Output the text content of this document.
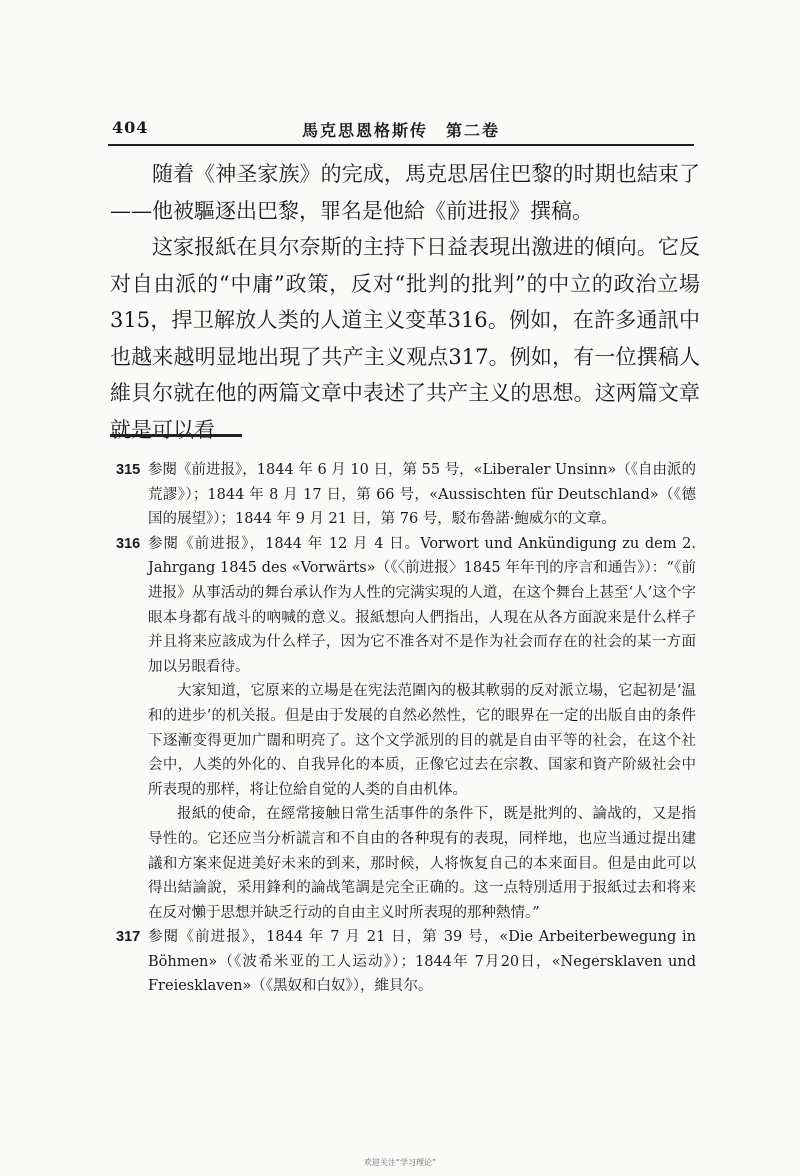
404	馬克思恩格斯传　第二卷

随着《神圣家族》的完成，馬克思居住巴黎的时期也結束了——他被驅逐出巴黎，罪名是他給《前进报》撰稿。

这家报紙在貝尔奈斯的主持下日益表現出激进的傾向。它反对自由派的“中庸”政策，反对“批判的批判”的中立的政治立場315，捍卫解放人类的人道主义变革316。例如，在許多通訊中也越来越明显地出現了共产主义观点317。例如，有一位撰稿人維貝尔就在他的两篇文章中表述了共产主义的思想。这两篇文章就是可以看

315 参閱《前进报》，1844 年 6 月 10 日，第 55 号，«Liberaler Unsinn»（《自由派的荒謬》）；1844 年 8 月 17 日，第 66 号，«Aussischten für Deutschland»（《德国的展望》）；1844 年 9 月 21 日，第 76 号，駁布魯諾·鮑威尔的文章。

316 参閱《前进报》，1844 年 12 月 4 日。Vorwort und Ankündigung zu dem 2. Jahrgang 1845 des «Vorwärts»（《〈前进报〉1845 年年刊的序言和通告》）：“《前进报》从事活动的舞台承认作为人性的完满实現的人道，在这个舞台上甚至‘人’这个字眼本身都有战斗的吶喊的意义。报紙想向人們指出，人現在从各方面說来是什么样子并且将来应該成为什么样子，因为它不准各对不是作为社会而存在的社会的某一方面加以另眼看待。

大家知道，它原来的立場是在宪法范圍內的极其軟弱的反对派立場，它起初是‘温和的进步’的机关报。但是由于发展的自然必然性，它的眼界在一定的出版自由的条件下逐漸变得更加广闊和明亮了。这个文学派別的目的就是自由平等的社会，在这个社会中，人类的外化的、自我异化的本质，正像它过去在宗教、国家和資产阶級社会中所表現的那样，将让位給自觉的人类的自由机体。

报紙的使命，在經常接触日常生活事件的条件下，既是批判的、論战的，又是指导性的。它还应当分析謊言和不自由的各种現有的表現，同样地，也应当通过提出建議和方案来促进美好未来的到来，那时候，人将恢复自己的本来面目。但是由此可以得出結論說，采用鋒利的論战笔調是完全正确的。这一点特別适用于报紙过去和将来在反对懶于思想并缺乏行动的自由主义时所表現的那种熱情。”

317 参閱《前进报》，1844 年 7 月 21 日，第 39 号，«Die Arbeiterbewegung in Böhmen»（《波希米亚的工人运动》）；1844年 7月20日，«Negersklaven und Freiesklaven»（《黑奴和白奴》），維貝尔。

欢迎关注“学习理论”
